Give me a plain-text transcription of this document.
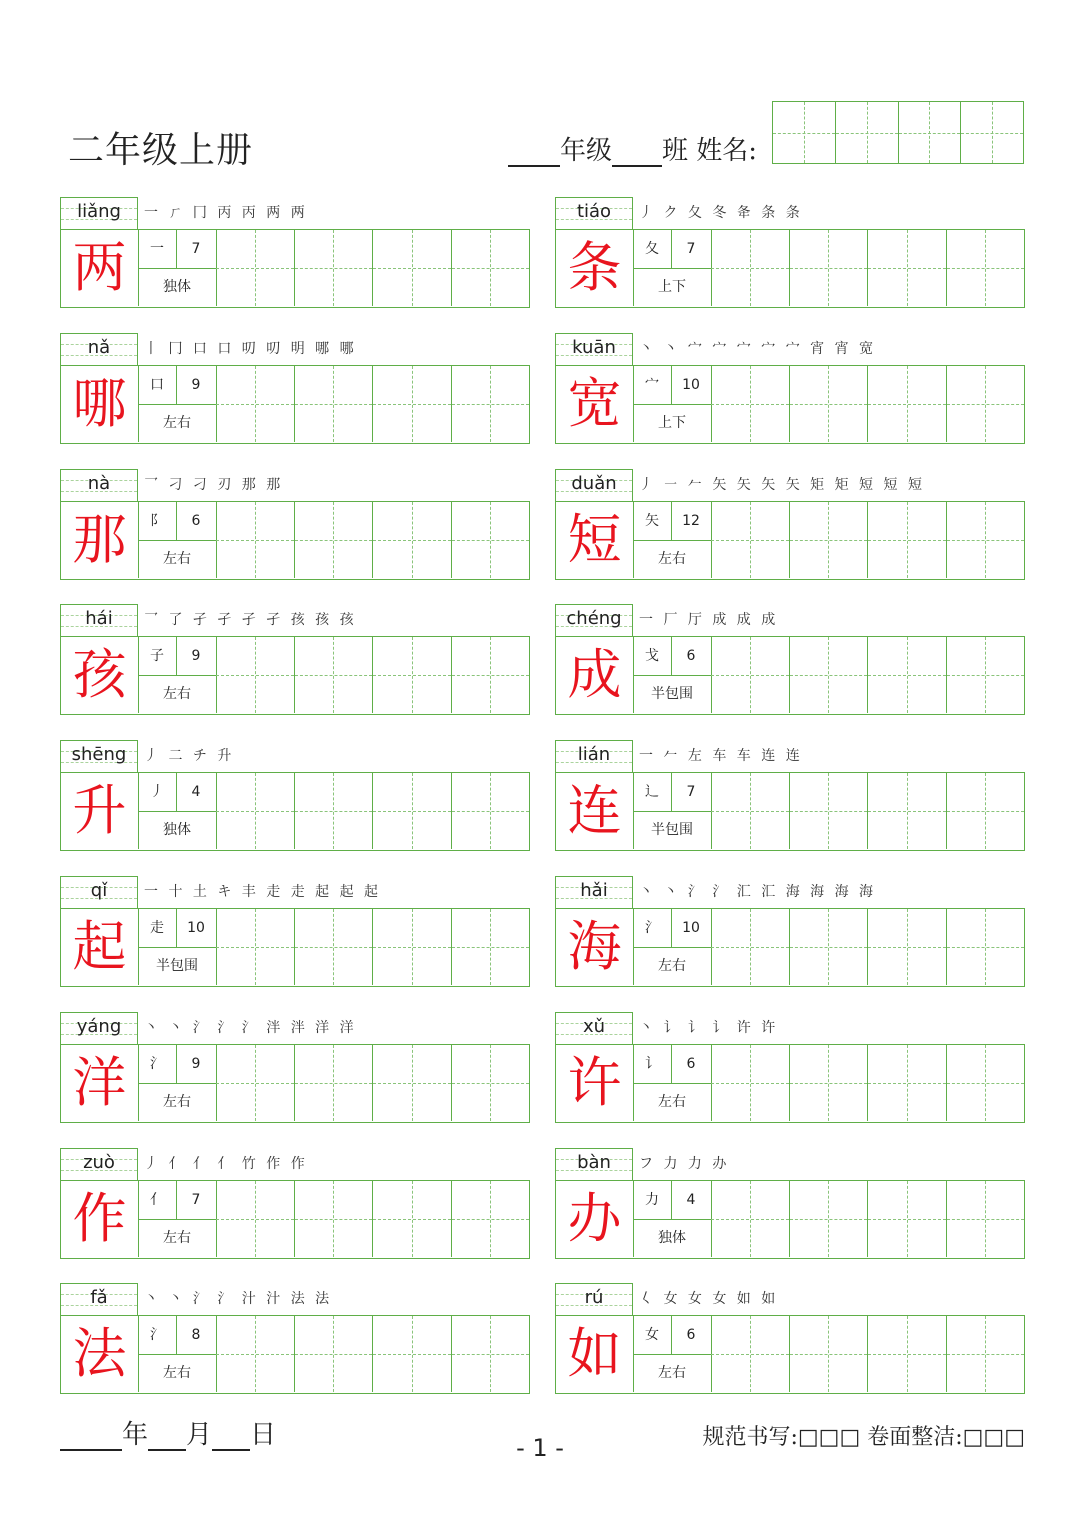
二年级上册	年级 班 姓名:
liǎng	一 ㄏ 冂 丙 丙 两 两
两	一	7
独体
tiáo	丿 ク 夂 冬 夅 条 条
条	夂	7
上下
nǎ	丨 冂 口 口 叨 叨 明 哪 哪
哪	口	9
左右
kuān	丶 丶 宀 宀 宀 宀 宀 宵 宵 宽
宽	宀	10
上下
nà	乛 刁 刁 刃 那 那
那	阝	6
左右
duǎn	丿 ㇐ 𠂉 矢 矢 矢 矢 矩 矩 短 短 短
短	矢	12
左右
hái	乛 了 孑 孑 孑 孑 孩 孩 孩
孩	子	9
左右
chéng	一 厂 厅 成 成 成
成	戈	6
半包围
shēng	丿 二 チ 升
升	丿	4
独体
lián	一 𠂉 左 车 车 连 连
连	辶	7
半包围
qǐ	一 十 土 キ 丰 走 走 起 起 起
起	走	10
半包围
hǎi	丶 丶 氵 氵 汇 汇 海 海 海 海
海	氵	10
左右
yáng	丶 丶 氵 氵 氵 泮 泮 洋 洋
洋	氵	9
左右
xǔ	丶 讠 讠 讠 许 许
许	讠	6
左右
zuò	丿 亻 亻 亻 竹 作 作
作	亻	7
左右
bàn	フ 力 力 办
办	力	4
独体
fǎ	丶 丶 氵 氵 汁 汁 法 法
法	氵	8
左右
rú	𡿨 女 女 女 如 如
如	女	6
左右
年 月 日	- 1 -	规范书写:□□□ 卷面整洁:□□□
